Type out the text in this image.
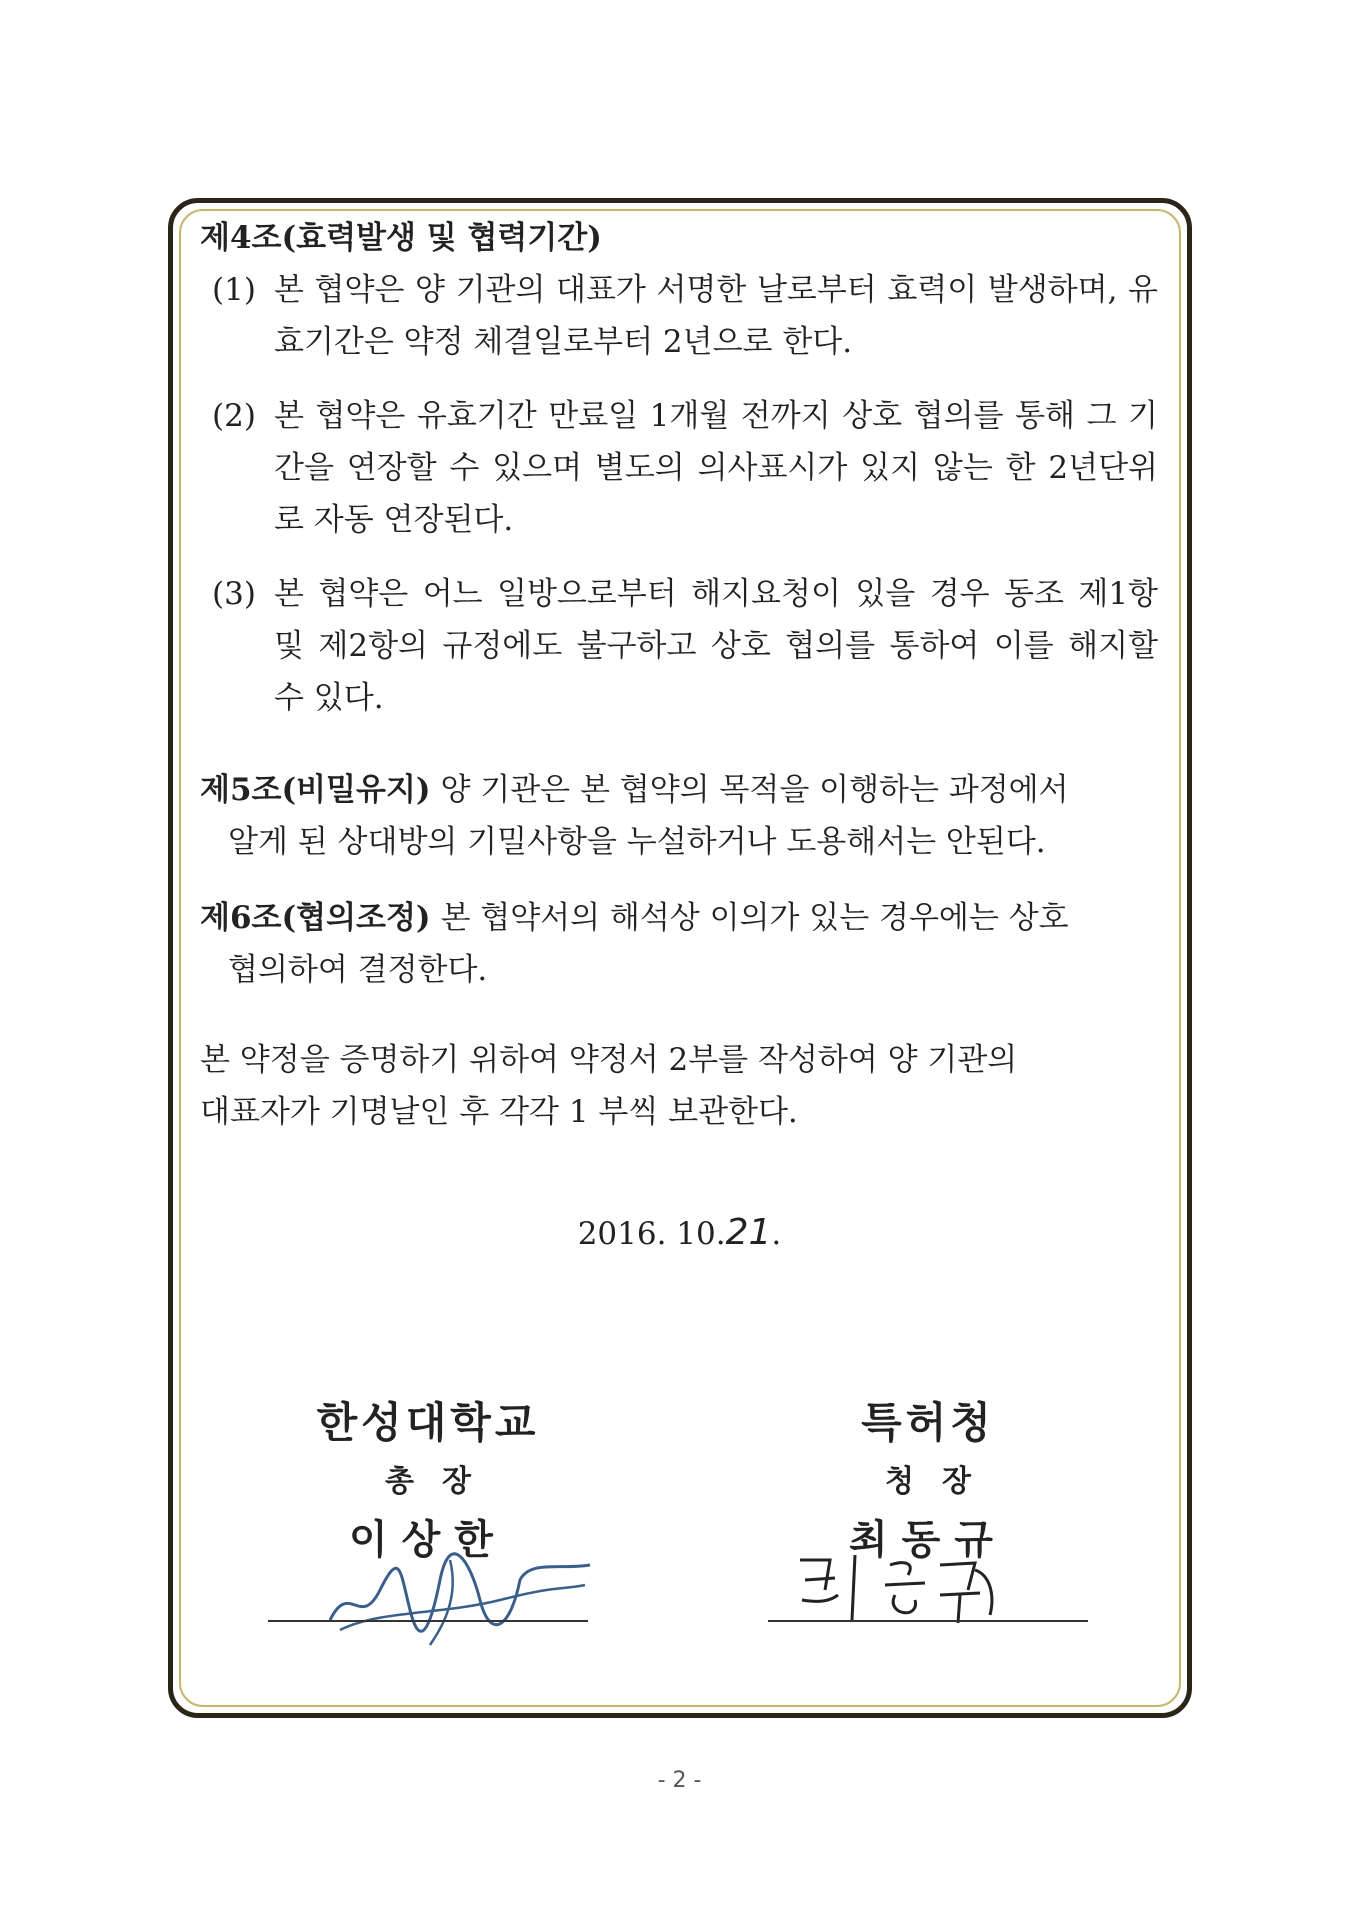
제4조(효력발생 및 협력기간)
(1) 본 협약은 양 기관의 대표가 서명한 날로부터 효력이 발생하며, 유효기간은 약정 체결일로부터 2년으로 한다.
(2) 본 협약은 유효기간 만료일 1개월 전까지 상호 협의를 통해 그 기간을 연장할 수 있으며 별도의 의사표시가 있지 않는 한 2년단위로 자동 연장된다.
(3) 본 협약은 어느 일방으로부터 해지요청이 있을 경우 동조 제1항 및 제2항의 규정에도 불구하고 상호 협의를 통하여 이를 해지할 수 있다.
제5조(비밀유지) 양 기관은 본 협약의 목적을 이행하는 과정에서
알게 된 상대방의 기밀사항을 누설하거나 도용해서는 안된다.
제6조(협의조정) 본 협약서의 해석상 이의가 있는 경우에는 상호
협의하여 결정한다.
본 약정을 증명하기 위하여 약정서 2부를 작성하여 양 기관의
대표자가 기명날인 후 각각 1 부씩 보관한다.
2016. 10.21.
한성대학교
총장
이상한
특허청
청장
최동규
- 2 -
